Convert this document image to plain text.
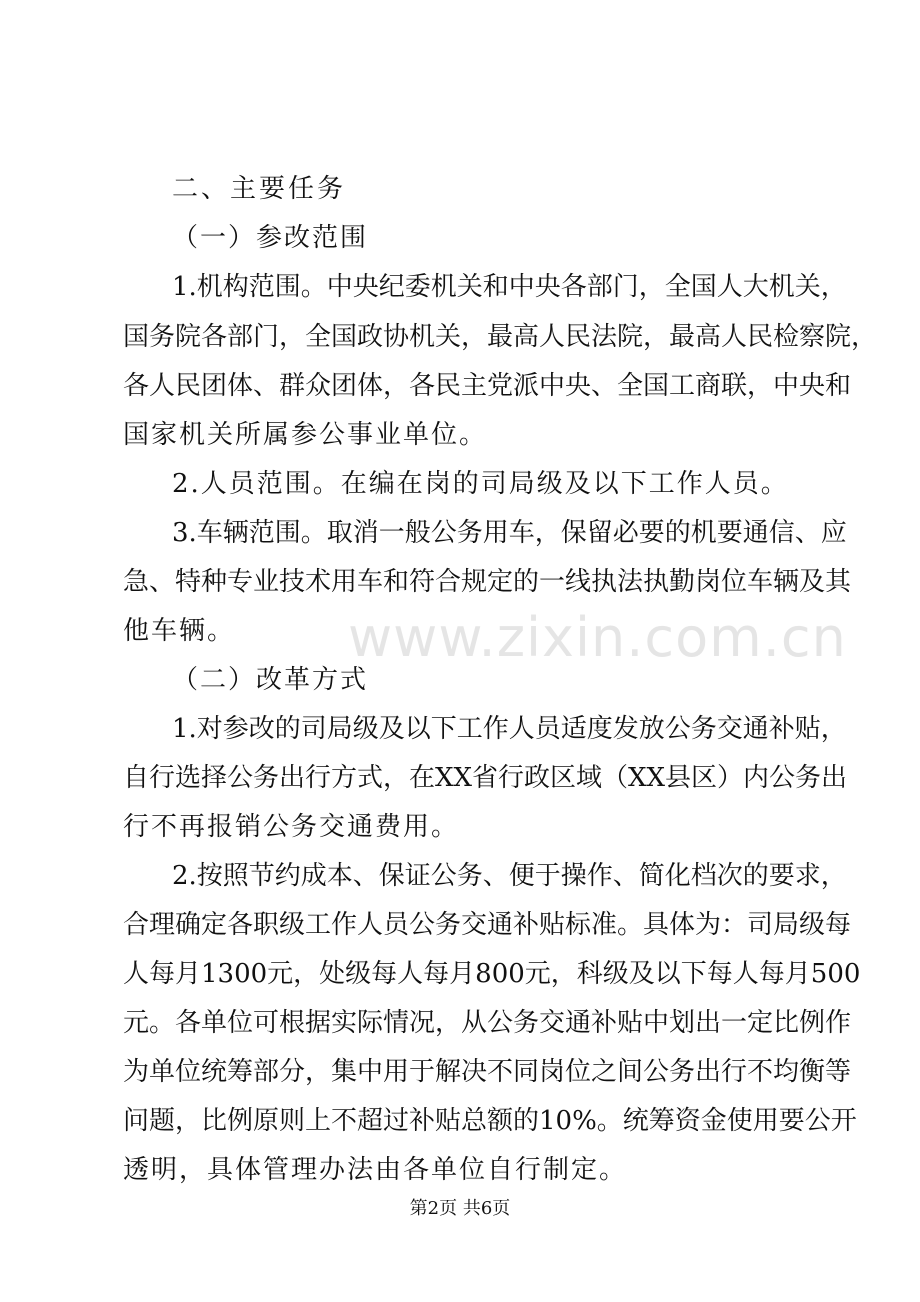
二、主要任务
（一）参改范围
1.机构范围。中央纪委机关和中央各部门，全国人大机关，
国务院各部门，全国政协机关，最高人民法院，最高人民检察院，
各人民团体、群众团体，各民主党派中央、全国工商联，中央和
国家机关所属参公事业单位。
2.人员范围。在编在岗的司局级及以下工作人员。
3.车辆范围。取消一般公务用车，保留必要的机要通信、应
急、特种专业技术用车和符合规定的一线执法执勤岗位车辆及其
他车辆。	www.zixin.com.cn
（二）改革方式
1.对参改的司局级及以下工作人员适度发放公务交通补贴，
自行选择公务出行方式，在XX省行政区域（XX县区）内公务出
行不再报销公务交通费用。
2.按照节约成本、保证公务、便于操作、简化档次的要求，
合理确定各职级工作人员公务交通补贴标准。具体为：司局级每
人每月1300元，处级每人每月800元，科级及以下每人每月500
元。各单位可根据实际情况，从公务交通补贴中划出一定比例作
为单位统筹部分，集中用于解决不同岗位之间公务出行不均衡等
问题，比例原则上不超过补贴总额的10%。统筹资金使用要公开
透明，具体管理办法由各单位自行制定。
第2页 共6页
